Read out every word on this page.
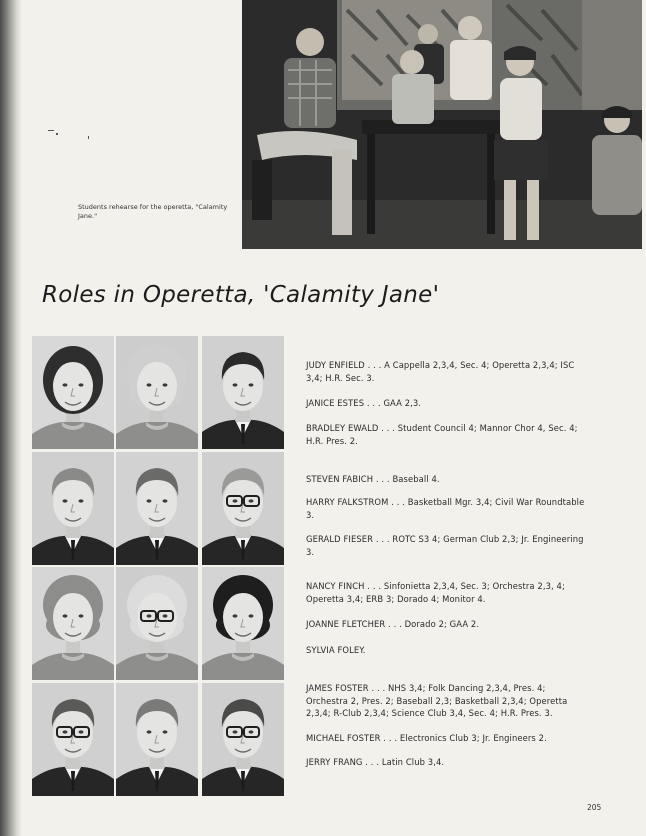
Students rehearse for the operetta, "Calamity Jane."
Roles in Operetta, 'Calamity Jane'
JUDY ENFIELD . . . A Cappella 2,3,4, Sec. 4; Operetta 2,3,4; ISC 3,4; H.R. Sec. 3.
JANICE ESTES . . . GAA 2,3.
BRADLEY EWALD . . . Student Council 4; Mannor Chor 4, Sec. 4; H.R. Pres. 2.
STEVEN FABICH . . . Baseball 4.
HARRY FALKSTROM . . . Basketball Mgr. 3,4; Civil War Roundtable 3.
GERALD FIESER . . . ROTC S3 4; German Club 2,3; Jr. Engineering 3.
NANCY FINCH . . . Sinfonietta 2,3,4, Sec. 3; Orchestra 2,3, 4; Operetta 3,4; ERB 3; Dorado 4; Monitor 4.
JOANNE FLETCHER . . . Dorado 2; GAA 2.
SYLVIA FOLEY.
JAMES FOSTER . . . NHS 3,4; Folk Dancing 2,3,4, Pres. 4; Orchestra 2, Pres. 2; Baseball 2,3; Basketball 2,3,4; Operetta 2,3,4; R-Club 2,3,4; Science Club 3,4, Sec. 4; H.R. Pres. 3.
MICHAEL FOSTER . . . Electronics Club 3; Jr. Engineers 2.
JERRY FRANG . . . Latin Club 3,4.
205
